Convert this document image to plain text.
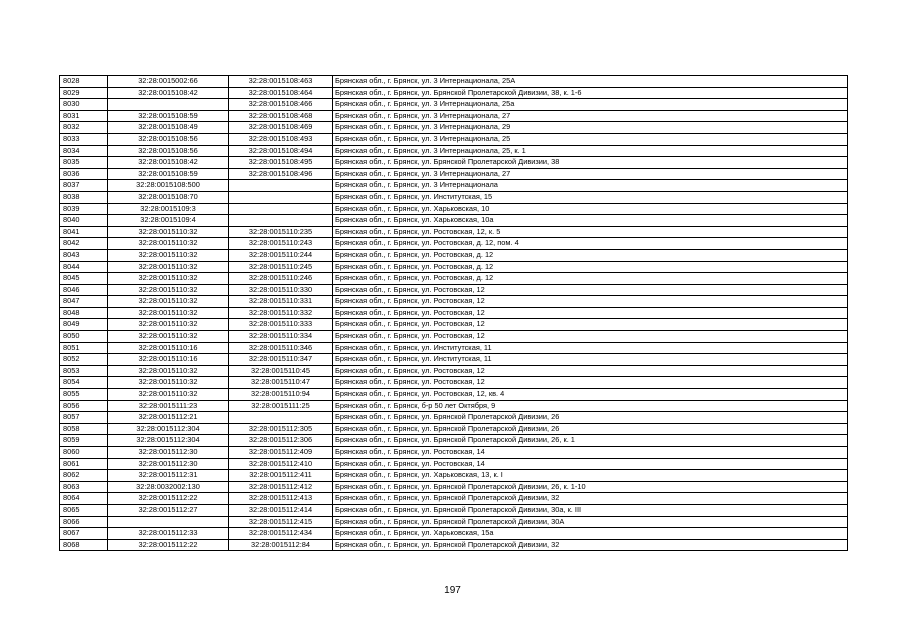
8028	32:28:0015002:66	32:28:0015108:463	Брянская обл., г. Брянск, ул. 3 Интернационала, 25А
8029	32:28:0015108:42	32:28:0015108:464	Брянская обл., г. Брянск, ул. Брянской Пролетарской Дивизии, 38, к. 1-6
8030		32:28:0015108:466	Брянская обл., г. Брянск, ул. 3 Интернационала, 25а
8031	32:28:0015108:59	32:28:0015108:468	Брянская обл., г. Брянск, ул. 3 Интернационала, 27
8032	32:28:0015108:49	32:28:0015108:469	Брянская обл., г. Брянск, ул. 3 Интернационала, 29
8033	32:28:0015108:56	32:28:0015108:493	Брянская обл., г. Брянск, ул. 3 Интернационала, 25
8034	32:28:0015108:56	32:28:0015108:494	Брянская обл., г. Брянск, ул. 3 Интернационала, 25, к. 1
8035	32:28:0015108:42	32:28:0015108:495	Брянская обл., г. Брянск, ул. Брянской Пролетарской Дивизии, 38
8036	32:28:0015108:59	32:28:0015108:496	Брянская обл., г. Брянск, ул. 3 Интернационала, 27
8037	32:28:0015108:500		Брянская обл., г. Брянск, ул. 3 Интернационала
8038	32:28:0015108:70		Брянская обл., г. Брянск, ул. Институтская, 15
8039	32:28:0015109:3		Брянская обл., г. Брянск, ул. Харьковская, 10
8040	32:28:0015109:4		Брянская обл., г. Брянск, ул. Харьковская, 10а
8041	32:28:0015110:32	32:28:0015110:235	Брянская обл., г. Брянск, ул. Ростовская, 12, к. 5
8042	32:28:0015110:32	32:28:0015110:243	Брянская обл., г. Брянск, ул. Ростовская, д. 12, пом. 4
8043	32:28:0015110:32	32:28:0015110:244	Брянская обл., г. Брянск, ул. Ростовская, д. 12
8044	32:28:0015110:32	32:28:0015110:245	Брянская обл., г. Брянск, ул. Ростовская, д. 12
8045	32:28:0015110:32	32:28:0015110:246	Брянская обл., г. Брянск, ул. Ростовская, д. 12
8046	32:28:0015110:32	32:28:0015110:330	Брянская обл., г. Брянск, ул. Ростовская, 12
8047	32:28:0015110:32	32:28:0015110:331	Брянская обл., г. Брянск, ул. Ростовская, 12
8048	32:28:0015110:32	32:28:0015110:332	Брянская обл., г. Брянск, ул. Ростовская, 12
8049	32:28:0015110:32	32:28:0015110:333	Брянская обл., г. Брянск, ул. Ростовская, 12
8050	32:28:0015110:32	32:28:0015110:334	Брянская обл., г. Брянск, ул. Ростовская, 12
8051	32:28:0015110:16	32:28:0015110:346	Брянская обл., г. Брянск, ул. Институтская, 11
8052	32:28:0015110:16	32:28:0015110:347	Брянская обл., г. Брянск, ул. Институтская, 11
8053	32:28:0015110:32	32:28:0015110:45	Брянская обл., г. Брянск, ул. Ростовская, 12
8054	32:28:0015110:32	32:28:0015110:47	Брянская обл., г. Брянск, ул. Ростовская, 12
8055	32:28:0015110:32	32:28:0015110:94	Брянская обл., г. Брянск, ул. Ростовская, 12, кв. 4
8056	32:28:0015111:23	32:28:0015111:25	Брянская обл., г. Брянск, б-р 50 лет Октября, 9
8057	32:28:0015112:21		Брянская обл., г. Брянск, ул. Брянской Пролетарской Дивизии, 26
8058	32:28:0015112:304	32:28:0015112:305	Брянская обл., г. Брянск, ул. Брянской Пролетарской Дивизии, 26
8059	32:28:0015112:304	32:28:0015112:306	Брянская обл., г. Брянск, ул. Брянской Пролетарской Дивизии, 26, к. 1
8060	32:28:0015112:30	32:28:0015112:409	Брянская обл., г. Брянск, ул. Ростовская, 14
8061	32:28:0015112:30	32:28:0015112:410	Брянская обл., г. Брянск, ул. Ростовская, 14
8062	32:28:0015112:31	32:28:0015112:411	Брянская обл., г. Брянск, ул. Харьковская, 13, к. I
8063	32:28:0032002:130	32:28:0015112:412	Брянская обл., г. Брянск, ул. Брянской Пролетарской Дивизии, 26, к. 1-10
8064	32:28:0015112:22	32:28:0015112:413	Брянская обл., г. Брянск, ул. Брянской Пролетарской Дивизии, 32
8065	32:28:0015112:27	32:28:0015112:414	Брянская обл., г. Брянск, ул. Брянской Пролетарской Дивизии, 30а, к. III
8066		32:28:0015112:415	Брянская обл., г. Брянск, ул. Брянской Пролетарской Дивизии, 30А
8067	32:28:0015112:33	32:28:0015112:434	Брянская обл., г. Брянск, ул. Харьковская, 15а
8068	32:28:0015112:22	32:28:0015112:84	Брянская обл., г. Брянск, ул. Брянской Пролетарской Дивизии, 32
197
